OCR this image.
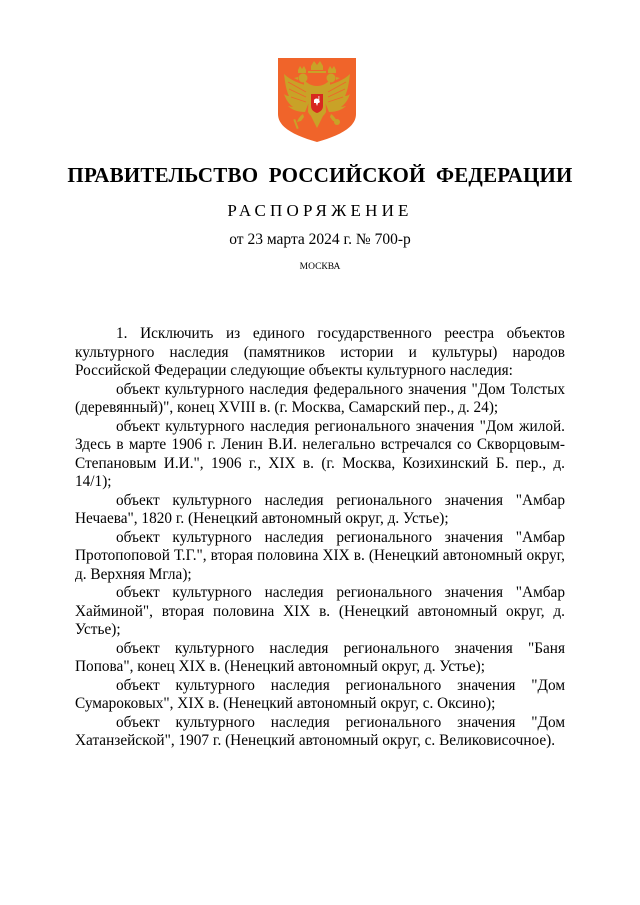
ПРАВИТЕЛЬСТВО РОССИЙСКОЙ ФЕДЕРАЦИИ
РАСПОРЯЖЕНИЕ
от 23 марта 2024 г. № 700-р
МОСКВА

1. Исключить из единого государственного реестра объектов культурного наследия (памятников истории и культуры) народов Российской Федерации следующие объекты культурного наследия:

объект культурного наследия федерального значения "Дом Толстых (деревянный)", конец XVIII в. (г. Москва, Самарский пер., д. 24);

объект культурного наследия регионального значения "Дом жилой. Здесь в марте 1906 г. Ленин В.И. нелегально встречался со Скворцовым-Степановым И.И.", 1906 г., XIX в. (г. Москва, Козихинский Б. пер., д. 14/1);

объект культурного наследия регионального значения "Амбар Нечаева", 1820 г. (Ненецкий автономный округ, д. Устье);

объект культурного наследия регионального значения "Амбар Протопоповой Т.Г.", вторая половина XIX в. (Ненецкий автономный округ, д. Верхняя Мгла);

объект культурного наследия регионального значения "Амбар Хайминой", вторая половина XIX в. (Ненецкий автономный округ, д. Устье);

объект культурного наследия регионального значения "Баня Попова", конец XIX в. (Ненецкий автономный округ, д. Устье);

объект культурного наследия регионального значения "Дом Сумароковых", XIX в. (Ненецкий автономный округ, с. Оксино);

объект культурного наследия регионального значения "Дом Хатанзейской", 1907 г. (Ненецкий автономный округ, с. Великовисочное).
